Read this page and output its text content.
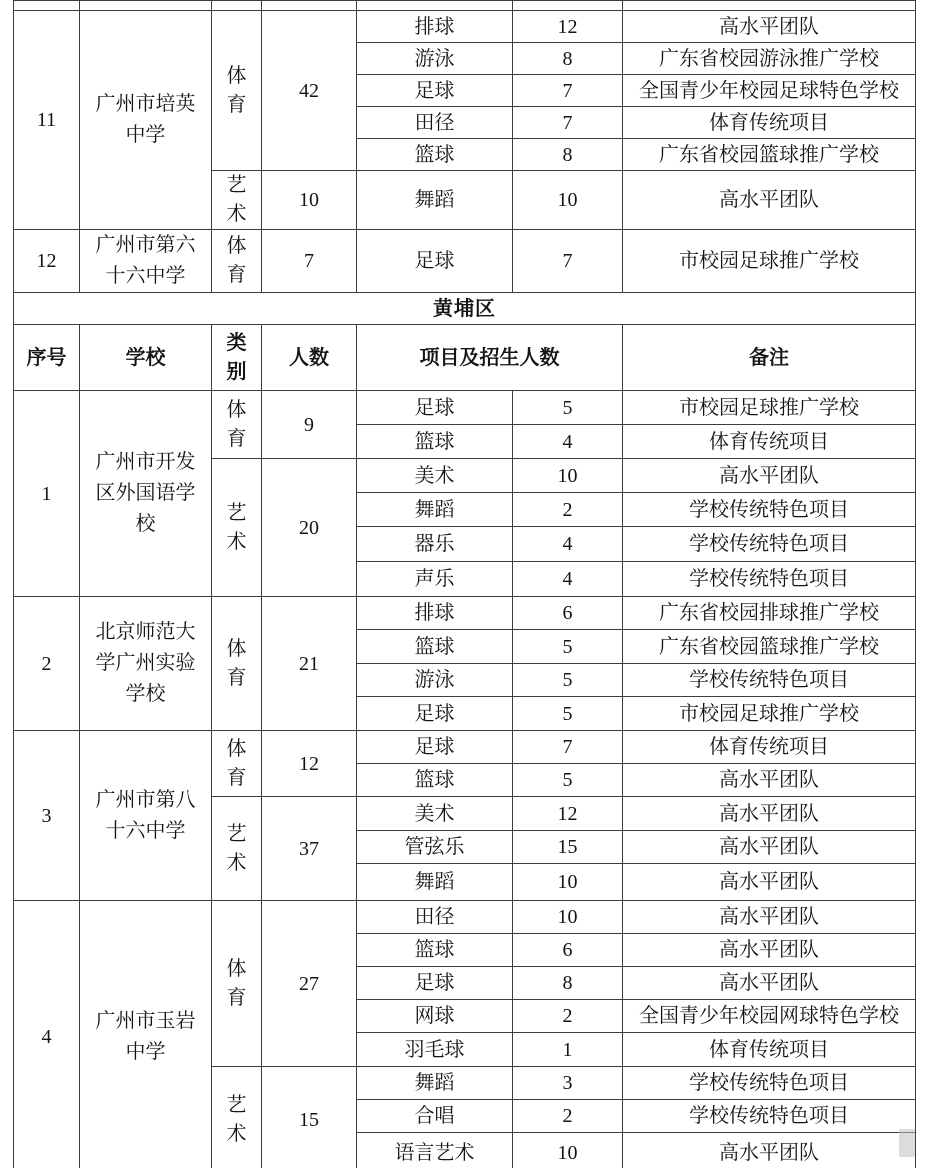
11	广州市培英中学	体育	42	排球	12	高水平团队
				游泳	8	广东省校园游泳推广学校
				足球	7	全国青少年校园足球特色学校
				田径	7	体育传统项目
				篮球	8	广东省校园篮球推广学校
		艺术	10	舞蹈	10	高水平团队
12	广州市第六十六中学	体育	7	足球	7	市校园足球推广学校
黄埔区						
序号	学校	类别	人数	项目及招生人数		备注
1	广州市开发区外国语学校	体育	9	足球	5	市校园足球推广学校
				篮球	4	体育传统项目
		艺术	20	美术	10	高水平团队
				舞蹈	2	学校传统特色项目
				器乐	4	学校传统特色项目
				声乐	4	学校传统特色项目
2	北京师范大学广州实验学校	体育	21	排球	6	广东省校园排球推广学校
				篮球	5	广东省校园篮球推广学校
				游泳	5	学校传统特色项目
				足球	5	市校园足球推广学校
3	广州市第八十六中学	体育	12	足球	7	体育传统项目
				篮球	5	高水平团队
		艺术	37	美术	12	高水平团队
				管弦乐	15	高水平团队
				舞蹈	10	高水平团队
4	广州市玉岩中学	体育	27	田径	10	高水平团队
				篮球	6	高水平团队
				足球	8	高水平团队
				网球	2	全国青少年校园网球特色学校
				羽毛球	1	体育传统项目
		艺术	15	舞蹈	3	学校传统特色项目
				合唱	2	学校传统特色项目
				语言艺术	10	高水平团队
